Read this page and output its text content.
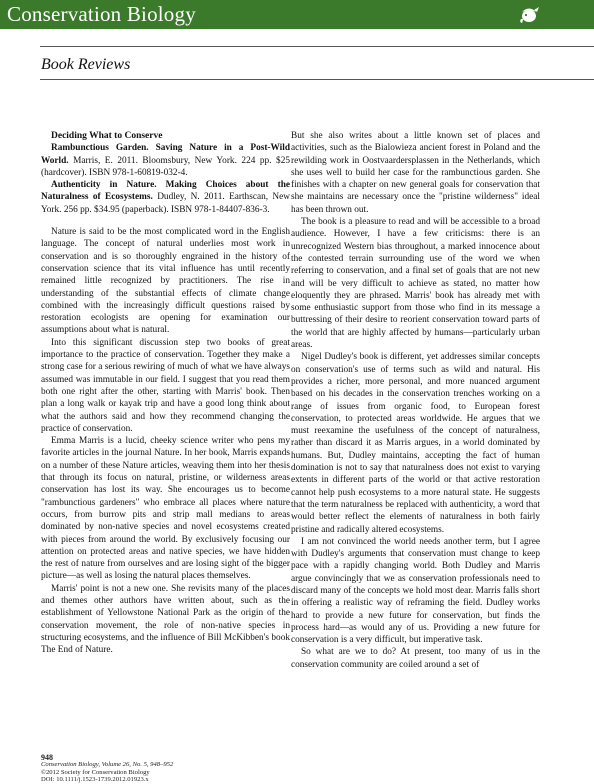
Conservation Biology
Book Reviews

Deciding What to Conserve

Rambunctious Garden. Saving Nature in a Post-Wild World. Marris, E. 2011. Bloomsbury, New York. 224 pp. $25 (hardcover). ISBN 978-1-60819-032-4.

Authenticity in Nature. Making Choices about the Naturalness of Ecosystems. Dudley, N. 2011. Earthscan, New York. 256 pp. $34.95 (paperback). ISBN 978-1-84407-836-3.

Nature is said to be the most complicated word in the English language. The concept of natural underlies most work in conservation and is so thoroughly engrained in the history of conservation science that its vital influence has until recently remained little recognized by practitioners. The rise in understanding of the substantial effects of climate change combined with the increasingly difficult questions raised by restoration ecologists are opening for examination our assumptions about what is natural.

Into this significant discussion step two books of great importance to the practice of conservation. Together they make a strong case for a serious rewiring of much of what we have always assumed was immutable in our field. I suggest that you read them both one right after the other, starting with Marris' book. Then plan a long walk or kayak trip and have a good long think about what the authors said and how they recommend changing the practice of conservation.

Emma Marris is a lucid, cheeky science writer who pens my favorite articles in the journal Nature. In her book, Marris expands on a number of these Nature articles, weaving them into her thesis that through its focus on natural, pristine, or wilderness areas conservation has lost its way. She encourages us to become "rambunctious gardeners" who embrace all places where nature occurs, from burrow pits and strip mall medians to areas dominated by non-native species and novel ecosystems created with pieces from around the world. By exclusively focusing our attention on protected areas and native species, we have hidden the rest of nature from ourselves and are losing sight of the bigger picture—as well as losing the natural places themselves.

Marris' point is not a new one. She revisits many of the places and themes other authors have written about, such as the establishment of Yellowstone National Park as the origin of the conservation movement, the role of non-native species in structuring ecosystems, and the influence of Bill McKibben's book The End of Nature.

But she also writes about a little known set of places and activities, such as the Bialowieza ancient forest in Poland and the rewilding work in Oostvaardersplassen in the Netherlands, which she uses well to build her case for the rambunctious garden. She finishes with a chapter on new general goals for conservation that she maintains are necessary once the "pristine wilderness" ideal has been thrown out.

The book is a pleasure to read and will be accessible to a broad audience. However, I have a few criticisms: there is an unrecognized Western bias throughout, a marked innocence about the contested terrain surrounding use of the word we when referring to conservation, and a final set of goals that are not new and will be very difficult to achieve as stated, no matter how eloquently they are phrased. Marris' book has already met with some enthusiastic support from those who find in its message a buttressing of their desire to reorient conservation toward parts of the world that are highly affected by humans—particularly urban areas.

Nigel Dudley's book is different, yet addresses similar concepts on conservation's use of terms such as wild and natural. His provides a richer, more personal, and more nuanced argument based on his decades in the conservation trenches working on a range of issues from organic food, to European forest conservation, to protected areas worldwide. He argues that we must reexamine the usefulness of the concept of naturalness, rather than discard it as Marris argues, in a world dominated by humans. But, Dudley maintains, accepting the fact of human domination is not to say that naturalness does not exist to varying extents in different parts of the world or that active restoration cannot help push ecosystems to a more natural state. He suggests that the term naturalness be replaced with authenticity, a word that would better reflect the elements of naturalness in both fairly pristine and radically altered ecosystems.

I am not convinced the world needs another term, but I agree with Dudley's arguments that conservation must change to keep pace with a rapidly changing world. Both Dudley and Marris argue convincingly that we as conservation professionals need to discard many of the concepts we hold most dear. Marris falls short in offering a realistic way of reframing the field. Dudley works hard to provide a new future for conservation, but finds the process hard—as would any of us. Providing a new future for conservation is a very difficult, but imperative task.

So what are we to do? At present, too many of us in the conservation community are coiled around a set of

948
Conservation Biology, Volume 26, No. 5, 948–952
©2012 Society for Conservation Biology
DOI: 10.1111/j.1523-1739.2012.01923.x
